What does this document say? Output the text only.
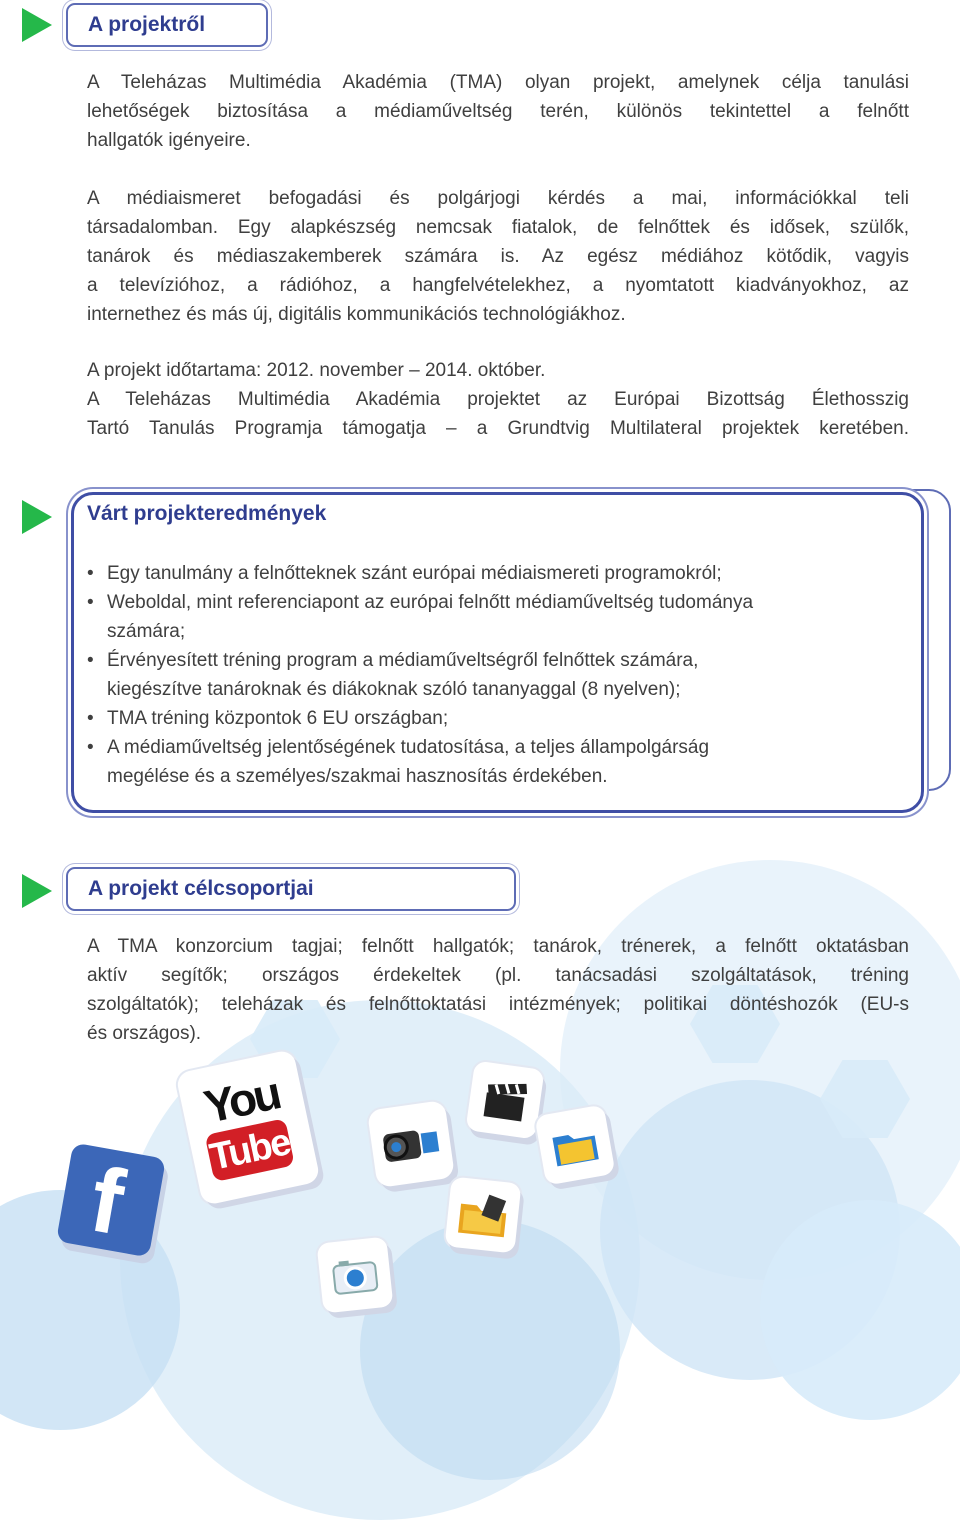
A projektről

A Teleházas Multimédia Akadémia (TMA) olyan projekt, amelynek célja tanulási
lehetőségek biztosítása a médiaműveltség terén, különös tekintettel a felnőtt
hallgatók igényeire.

A médiaismeret befogadási és polgárjogi kérdés a mai, információkkal teli
társadalomban. Egy alapkészség nemcsak fiatalok, de felnőttek és idősek, szülők,
tanárok és médiaszakemberek számára is. Az egész médiához kötődik, vagyis
a televízióhoz, a rádióhoz, a hangfelvételekhez, a nyomtatott kiadványokhoz, az
internethez és más új, digitális kommunikációs technológiákhoz.

A projekt időtartama: 2012. november – 2014. október.
A Teleházas Multimédia Akadémia projektet az Európai Bizottság Élethosszig
Tartó Tanulás Programja támogatja – a Grundtvig Multilateral projektek keretében.

Várt projekteredmények
• Egy tanulmány a felnőtteknek szánt európai médiaismereti programokról;
• Weboldal, mint referenciapont az európai felnőtt médiaműveltség tudománya
számára;
• Érvényesített tréning program a médiaműveltségről felnőttek számára,
kiegészítve tanároknak és diákoknak szóló tananyaggal (8 nyelven);
• TMA tréning központok 6 EU országban;
• A médiaműveltség jelentőségének tudatosítása, a teljes állampolgárság
megélése és a személyes/szakmai hasznosítás érdekében.
A projekt célcsoportjai

A TMA konzorcium tagjai; felnőtt hallgatók; tanárok, trénerek, a felnőtt oktatásban
aktív segítők; országos érdekeltek (pl. tanácsadási szolgáltatások, tréning
szolgáltatók); teleházak és felnőttoktatási intézmények; politikai döntéshozók (EU-s
és országos).

f
You
Tube
